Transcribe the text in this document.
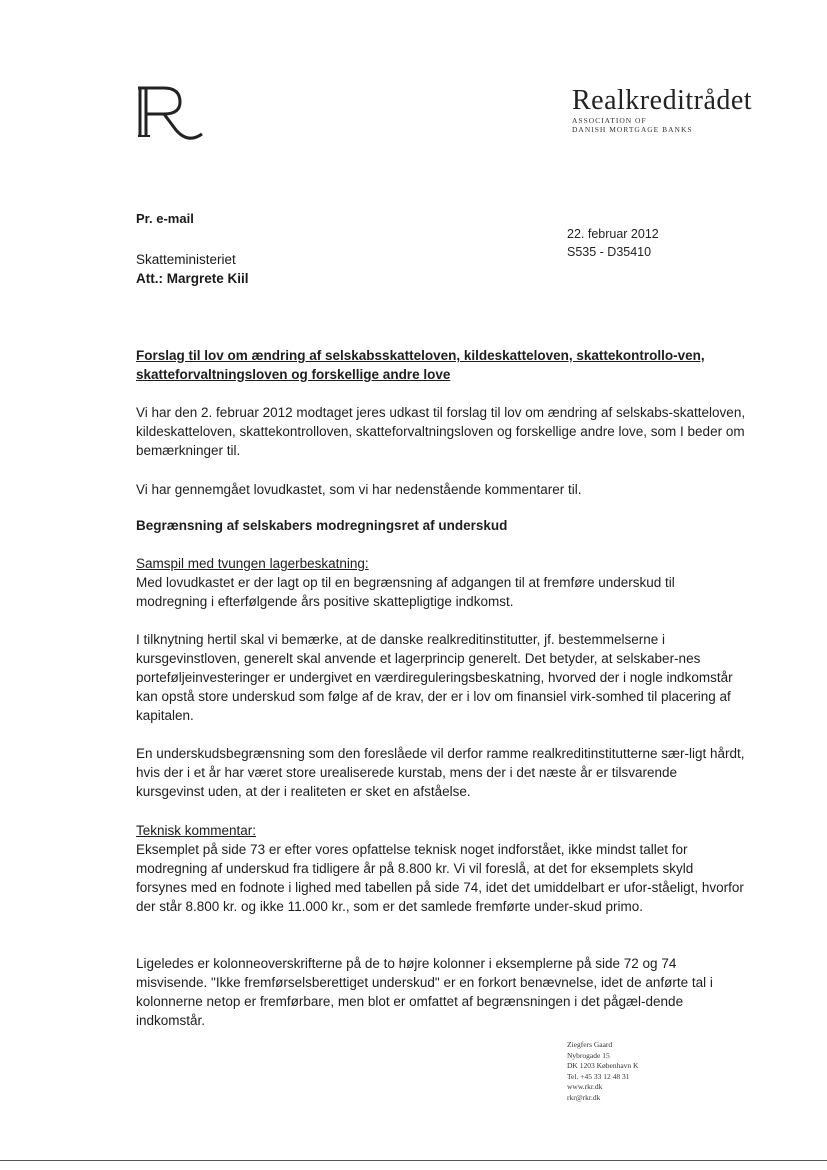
Realkreditrådet
ASSOCIATION OF
DANISH MORTGAGE BANKS
Pr. e-mail
Skatteministeriet
Att.: Margrete Kiil
22. februar 2012
S535 - D35410
Forslag til lov om ændring af selskabsskatteloven, kildeskatteloven, skattekontrollo-ven, skatteforvaltningsloven og forskellige andre love
Vi har den 2. februar 2012 modtaget jeres udkast til forslag til lov om ændring af selskabs-skatteloven, kildeskatteloven, skattekontrolloven, skatteforvaltningsloven og forskellige andre love, som I beder om bemærkninger til.
Vi har gennemgået lovudkastet, som vi har nedenstående kommentarer til.
Begrænsning af selskabers modregningsret af underskud
Samspil med tvungen lagerbeskatning:
Med lovudkastet er der lagt op til en begrænsning af adgangen til at fremføre underskud til modregning i efterfølgende års positive skattepligtige indkomst.
I tilknytning hertil skal vi bemærke, at de danske realkreditinstitutter, jf. bestemmelserne i kursgevinstloven, generelt skal anvende et lagerprincip generelt. Det betyder, at selskaber-nes porteføljeinvesteringer er undergivet en værdireguleringsbeskatning, hvorved der i nogle indkomstår kan opstå store underskud som følge af de krav, der er i lov om finansiel virk-somhed til placering af kapitalen.
En underskudsbegrænsning som den foreslåede vil derfor ramme realkreditinstitutterne sær-ligt hårdt, hvis der i et år har været store urealiserede kurstab, mens der i det næste år er tilsvarende kursgevinst uden, at der i realiteten er sket en afståelse.
Teknisk kommentar:
Eksemplet på side 73 er efter vores opfattelse teknisk noget indforstået, ikke mindst tallet for modregning af underskud fra tidligere år på 8.800 kr. Vi vil foreslå, at det for eksemplets skyld forsynes med en fodnote i lighed med tabellen på side 74, idet det umiddelbart er ufor-ståeligt, hvorfor der står 8.800 kr. og ikke 11.000 kr., som er det samlede fremførte under-skud primo.
Ligeledes er kolonneoverskrifterne på de to højre kolonner i eksemplerne på side 72 og 74 misvisende. "Ikke fremførselsberettiget underskud" er en forkort benævnelse, idet de anførte tal i kolonnerne netop er fremførbare, men blot er omfattet af begrænsningen i det pågæl-dende indkomstår.
Ziegfers Gaard
Nybrogade 15
DK 1203 København K
Tel. +45 33 12 48 31
www.rkr.dk
rkr@rkr.dk
